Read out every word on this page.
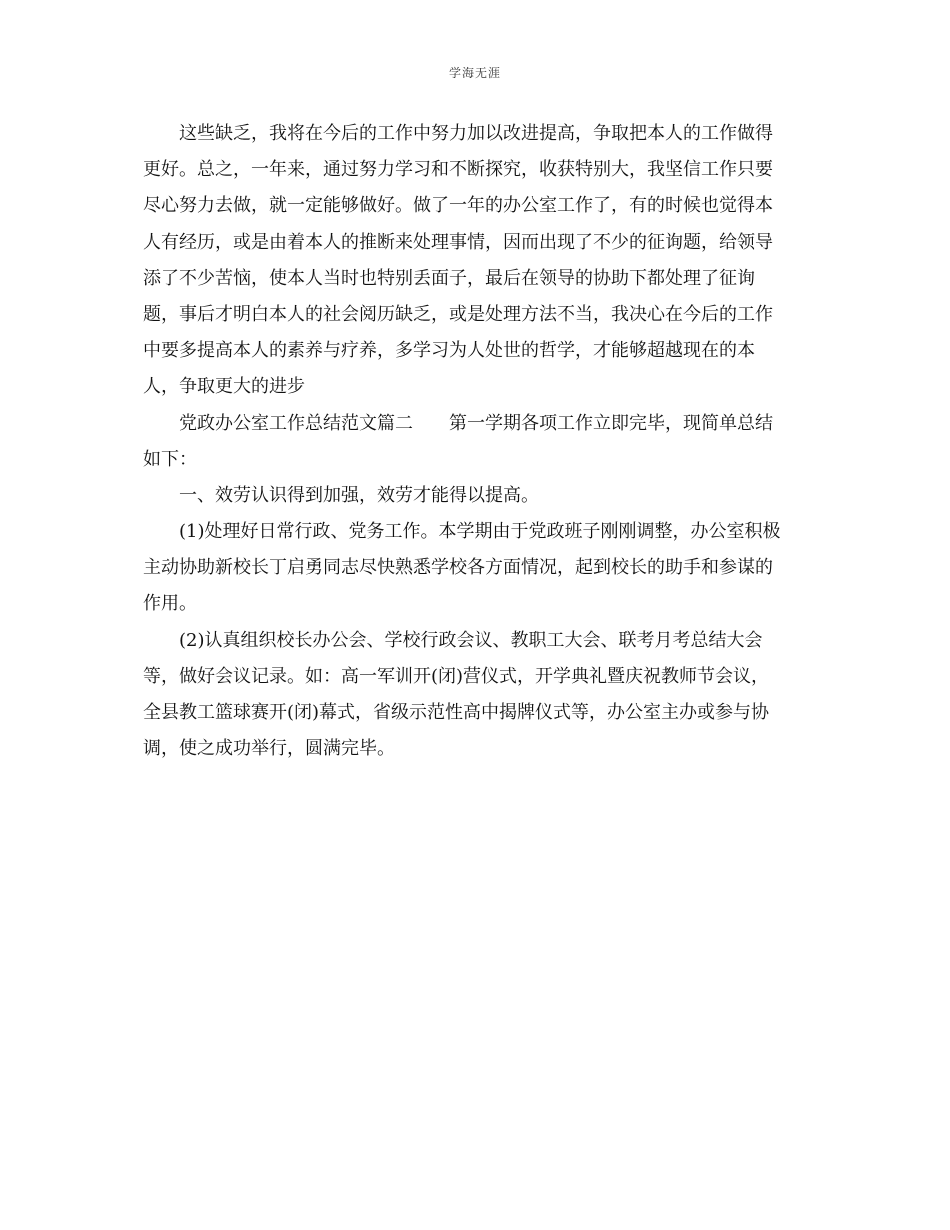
学海无涯
这些缺乏，我将在今后的工作中努力加以改进提高，争取把本人的工作做得
更好。总之，一年来，通过努力学习和不断探究，收获特别大，我坚信工作只要
尽心努力去做，就一定能够做好。做了一年的办公室工作了，有的时候也觉得本
人有经历，或是由着本人的推断来处理事情，因而出现了不少的征询题，给领导
添了不少苦恼，使本人当时也特别丢面子，最后在领导的协助下都处理了征询
题，事后才明白本人的社会阅历缺乏，或是处理方法不当，我决心在今后的工作
中要多提高本人的素养与疗养，多学习为人处世的哲学，才能够超越现在的本
人，争取更大的进步
党政办公室工作总结范文篇二　　第一学期各项工作立即完毕，现简单总结
如下：
一、效劳认识得到加强，效劳才能得以提高。
(1)处理好日常行政、党务工作。本学期由于党政班子刚刚调整，办公室积极
主动协助新校长丁启勇同志尽快熟悉学校各方面情况，起到校长的助手和参谋的
作用。
(2)认真组织校长办公会、学校行政会议、教职工大会、联考月考总结大会
等，做好会议记录。如：高一军训开(闭)营仪式，开学典礼暨庆祝教师节会议，
全县教工篮球赛开(闭)幕式，省级示范性高中揭牌仪式等，办公室主办或参与协
调，使之成功举行，圆满完毕。
